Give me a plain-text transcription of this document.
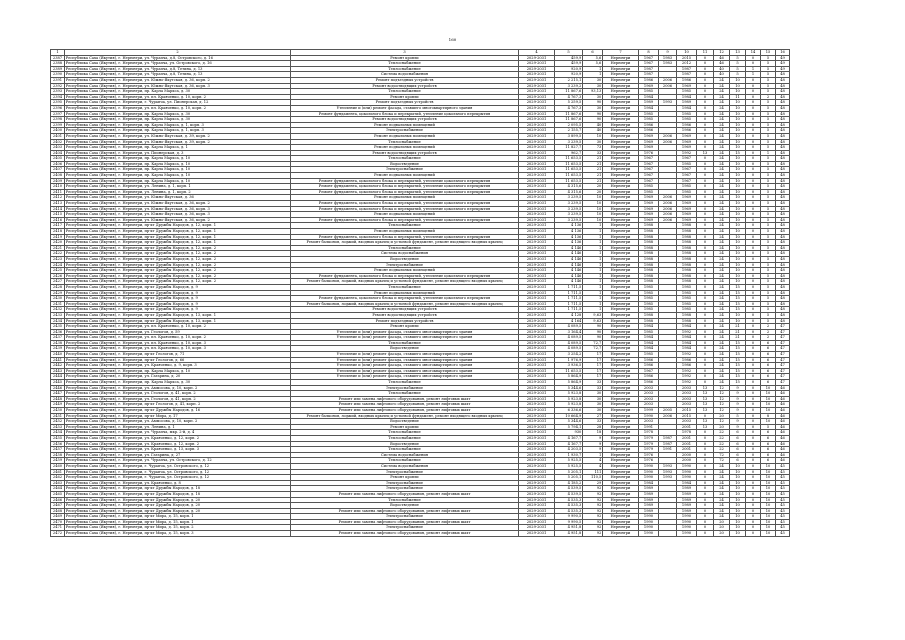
160
1	2	3	4	5	6	7	8	9	10	11	12	13	14	15	16
2387	Республика Саха (Якутия), г. Нерюнгри, ул. Чурапча, д.8, Островского, д. 16	Ремонт кровли	2029-2031	459,9	5,6	Нерюнгри	1967	1983	2015	0	46	5	0	5	49
2388	Республика Саха (Якутия), г. Нерюнгри, ул. Чурапча, ул. Островского, д. 16	Теплоснабжение	2029-2031	459,9	5,6	Нерюнгри	1967	1983	2012	0	46	5	0	5	49
2389	Республика Саха (Якутия), г. Нерюнгри, ул. Чурапча, д.8, Тетина, д. 13	Теплоснабжение	2029-2031	920,9	1	Нерюнгри	1987		1987	0	40	5	1	5	49
2390	Республика Саха (Якутия), г. Нерюнгри, ул. Чурапча, д.8, Тетина, д. 13	Система водоснабжения	2029-2031	920,9	1	Нерюнгри	1987		1987	0	40	5	1	5	48
2391	Республика Саха (Якутия), г. Нерюнгри, ул. Южно-Якутская, д. 36, корп. 2	Ремонт подъездных устройств	2029-2031	2 215,1	30	Нерюнгри	1986	2006	1986	0	24	10	0	5	48
2392	Республика Саха (Якутия), г. Нерюнгри, ул. Южно-Якутская, д. 36, корп. 3	Ремонт водоотводящих устройств	2029-2031	3 239,2	30	Нерюнгри	1969	2006	1969	0	24	10	0	5	48
2393	Республика Саха (Якутия), г. Нерюнгри, пр. Карла Маркса, д. 30	Теплоснабжение	2029-2031	11 867,6	93,13	Нерюнгри	1985		1985	0	24	10	0	5	48
2394	Республика Саха (Якутия), г. Нерюнгри, ул. пл. Кравченко, д. 10, корп. 2	Ремонт кровли	2029-2031	4 767,3	30	Нерюнгри	1984		1984	0	24	11	0	2	48
2395	Республика Саха (Якутия), г. Нерюнгри, г. Чурапча, ул. Пионерская, д. 12	Ремонт подъездных устройств	2029-2031	5 259,5	90	Нерюнгри	1989	1993	1989	0	24	10	0	5	48
2396	Республика Саха (Якутия), г. Нерюнгри, ул. пл. Кравченко, д. 10, корп. 2	Утепление и (или) ремонт фасада, ставшего многоквартирного здания	2029-2031	4 767,3	30	Нерюнгри	1984		1984	0	24	10	0	5	48
2397	Республика Саха (Якутия), г. Нерюнгри, пр. Карла Маркса, д. 30	Ремонт фундамента, цокольного блока и перекрытий, утепление цокольного перекрытия	2029-2031	11 867,6	90	Нерюнгри	1985		1985	0	24	10	0	5	48
2398	Республика Саха (Якутия), г. Нерюнгри, пр. Карла Маркса, д. 30	Ремонт водоотводящих устройств	2029-2031	11 867,6	90	Нерюнгри	1985		1985	0	24	10	0	5	48
2399	Республика Саха (Якутия), г. Нерюнгри, пр. Карла Маркса, д. 1, корп. 3	Ремонт подвальных помещений	2029-2031	2 095,5	40	Нерюнгри	1986		1986	0	24	10	0	5	48
2400	Республика Саха (Якутия), г. Нерюнгри, пр. Карла Маркса, д. 1, корп. 3	Электроснабжение	2029-2031	2 155,7	40	Нерюнгри	1986		1986	0	24	10	0	5	48
2401	Республика Саха (Якутия), г. Нерюнгри, ул. Южно-Якутская, д. 39, корп. 2	Ремонт подвальных помещений	2029-2031	3 899,5	10	Нерюнгри	1969	2006	1969	0	24	10	0	5	48
2402	Республика Саха (Якутия), г. Нерюнгри, ул. Южно-Якутская, д. 39, корп. 2	Теплоснабжение	2029-2031	3 239,5	30	Нерюнгри	1969	2006	1969	0	24	10	0	5	48
2403	Республика Саха (Якутия), г. Нерюнгри, пр. Карла Маркса, д. 1	Ремонт подвальных помещений	2029-2031	11 827,7	73	Нерюнгри	1969		1969	0	24	10	0	5	48
2404	Республика Саха (Якутия), г. Нерюнгри, ул. Пионерская, д. 3	Ремонт водоотводящих устройств	2029-2031	962,7	33	Нерюнгри	1976		1992	13	24	15	0	1	48
2405	Республика Саха (Якутия), г. Нерюнгри, пр. Карла Маркса, д. 10	Теплоснабжение	2029-2031	11 653,5	21	Нерюнгри	1967		1967	0	24	10	0	5	48
2406	Республика Саха (Якутия), г. Нерюнгри, пр. Карла Маркса, д. 10	Водоотведение	2029-2031	11 653,5	21	Нерюнгри	1967		1985	0	24	10	0	5	48
2407	Республика Саха (Якутия), г. Нерюнгри, пр. Карла Маркса, д. 10	Электроснабжение	2029-2031	11 653,5	21	Нерюнгри	1967		1967	0	24	10	0	5	48
2408	Республика Саха (Якутия), г. Нерюнгри, пр. Карла Маркса, д. 10	Ремонт подвальных помещений	2029-2031	11 653,5	21	Нерюнгри	1967		1967	0	24	10	0	5	48
2409	Республика Саха (Якутия), г. Нерюнгри, пр. Карла Маркса, д. 10	Ремонт фундамента, цокольного блока и перекрытий, утепление цокольного перекрытия	2029-2031	11 653,5	21	Нерюнгри	1967		1967	0	24	10	0	5	48
2410	Республика Саха (Якутия), г. Нерюнгри, ул. Ленина, д. 1, корп. 1	Ремонт фундамента, цокольного блока и перекрытий, утепление цокольного перекрытия	2029-2031	4 315,6	20	Нерюнгри	1985		1985	0	24	10	0	5	48
2411	Республика Саха (Якутия), г. Нерюнгри, ул. Ленина, д. 1, корп. 2	Ремонт фундамента, цокольного блока и перекрытий, утепление цокольного перекрытия	2029-2031	4 315,6	20	Нерюнгри	1985		1985	0	24	10	0	5	48
2412	Республика Саха (Якутия), г. Нерюнгри, ул. Южно-Якутская, д. 36	Ремонт подвальных помещений	2029-2031	3 239,5	10	Нерюнгри	1969	2006	1969	0	24	10	0	5	48
2413	Республика Саха (Якутия), г. Нерюнгри, ул. Южно-Якутская, д. 36, корп. 2	Ремонт фундамента, цокольного блока и перекрытий, утепление цокольного перекрытия	2029-2031	3 239,5	10	Нерюнгри	1969	2006	1969	0	24	10	0	5	48
2414	Республика Саха (Якутия), г. Нерюнгри, ул. Южно-Якутская, д. 36, корп. 3	Ремонт фундамента, цокольного блока и перекрытий, утепление цокольного перекрытия	2029-2031	3 239,5	10	Нерюнгри	1969	2006	1969	0	24	10	0	5	48
2415	Республика Саха (Якутия), г. Нерюнгри, ул. Южно-Якутская, д. 36, корп. 3	Ремонт подвальных помещений	2029-2031	3 239,5	10	Нерюнгри	1969	2006	1969	0	24	10	0	5	48
2416	Республика Саха (Якутия), г. Нерюнгри, ул. Южно-Якутская, д. 36, корп. 2	Ремонт фундамента, цокольного блока и перекрытий, утепление цокольного перекрытия	2029-2031	3 239,5	10	Нерюнгри	1969	2006	1969	0	24	10	0	5	48
2417	Республика Саха (Якутия), г. Нерюнгри, пр-кт Дружбы Народов, д. 12, корп. 1	Теплоснабжение	2029-2031	4 136	1	Нерюнгри	1988		1988	0	24	10	0	5	48
2418	Республика Саха (Якутия), г. Нерюнгри, пр-кт Дружбы Народов, д. 12, корп. 1	Ремонт подвальных помещений	2029-2031	4 136	1	Нерюнгри	1988		1988	0	24	10	0	5	48
2419	Республика Саха (Якутия), г. Нерюнгри, пр-кт Дружбы Народов, д. 12, корп. 1	Ремонт фундамента, цокольного блока и перекрытий, утепление цокольного перекрытия	2029-2031	4 136	1	Нерюнгри	1988		1988	0	24	10	0	5	48
2420	Республика Саха (Якутия), г. Нерюнгри, пр-кт Дружбы Народов, д. 12, корп. 1	Ремонт балконов, лоджий, входных крылец и устьевой фундамент, ремонт входящего входных крылец	2029-2031	4 136	1	Нерюнгри	1988		1988	0	24	10	0	5	48
2421	Республика Саха (Якутия), г. Нерюнгри, пр-кт Дружбы Народов, д. 12, корп. 2	Теплоснабжение	2029-2031	4 146	1	Нерюнгри	1988		1988	0	24	10	0	5	48
2422	Республика Саха (Якутия), г. Нерюнгри, пр-кт Дружбы Народов, д. 12, корп. 2	Система водоснабжения	2029-2031	4 146	1	Нерюнгри	1988		1988	0	24	10	0	5	48
2423	Республика Саха (Якутия), г. Нерюнгри, пр-кт Дружбы Народов, д. 12, корп. 2	Водоотведение	2029-2031	4 146	1	Нерюнгри	1988		1988	0	24	10	0	5	48
2424	Республика Саха (Якутия), г. Нерюнгри, пр-кт Дружбы Народов, д. 12, корп. 2	Электроснабжение	2029-2031	4 146	1	Нерюнгри	1988		1988	0	24	10	0	5	48
2425	Республика Саха (Якутия), г. Нерюнгри, пр-кт Дружбы Народов, д. 12, корп. 2	Ремонт подвальных помещений	2029-2031	4 146	1	Нерюнгри	1988		1988	0	24	10	0	5	48
2426	Республика Саха (Якутия), г. Нерюнгри, пр-кт Дружбы Народов, д. 12, корп. 2	Ремонт фундамента, цокольного блока и перекрытий, утепление цокольного перекрытия	2029-2031	4 146	1	Нерюнгри	1988		1988	0	24	10	0	5	48
2427	Республика Саха (Якутия), г. Нерюнгри, пр-кт Дружбы Народов, д. 12, корп. 2	Ремонт балконов, лоджий, входных крылец и устьевой фундамент, ремонт входящего входных крылец	2029-2031	4 146	1	Нерюнгри	1988		1988	0	24	10	0	5	48
2428	Республика Саха (Якутия), г. Нерюнгри, пр-кт Дружбы Народов, д. 9	Теплоснабжение	2029-2031	1 711,5	1	Нерюнгри	1985		1985	0	24	15	0	5	48
2429	Республика Саха (Якутия), г. Нерюнгри, пр-кт Дружбы Народов, д. 9	Ремонт подвальных помещений	2029-2031	1 711,5	1	Нерюнгри	1985		1985	0	24	15	0	5	48
2430	Республика Саха (Якутия), г. Нерюнгри, пр-кт Дружбы Народов, д. 9	Ремонт фундамента, цокольного блока и перекрытий, утепление цокольного перекрытия	2029-2031	1 711,5	1	Нерюнгри	1985		1985	0	24	15	0	5	48
2431	Республика Саха (Якутия), г. Нерюнгри, пр-кт Дружбы Народов, д. 9	Ремонт балконов, лоджий, входных крылец и устьевой фундамент, ремонт входящего входных крылец	2029-2031	1 711,5	1	Нерюнгри	1985		1985	0	24	15	0	5	48
2432	Республика Саха (Якутия), г. Нерюнгри, пр-кт Дружбы Народов, д. 9	Ремонт водоотводящих устройств	2029-2031	1 711,5	1	Нерюнгри	1985		1985	0	24	15	0	5	48
2433	Республика Саха (Якутия), г. Нерюнгри, пр-кт Дружбы Народов, д. 13, корп. 1	Ремонт водоотводящих устройств	2029-2031	4 128	9,63	Нерюнгри	1988		1988	0	24	10	0	5	48
2434	Республика Саха (Якутия), г. Нерюнгри, пр-кт Дружбы Народов, д. 13, корп. 1	Ремонт подъездных устройств	2029-2031	4 164	9,63	Нерюнгри	1988		1988	0	24	10	0	5	48
2435	Республика Саха (Якутия), г. Нерюнгри, ул. пл. Кравченко, д. 10, корп. 2	Ремонт кровли	2029-2031	4 089,5	90	Нерюнгри	1984		1984	0	24	21	0	2	47
2436	Республика Саха (Якутия), г. Нерюнгри, ул. Геологов, д. 59	Утепление и (или) ремонт фасада, ставшего многоквартирного здания	2029-2031	3 164,4	90	Нерюнгри	1985		1992	0	24	21	0	2	47
2437	Республика Саха (Якутия), г. Нерюнгри, ул. пл. Кравченко, д. 10, корп. 2	Утепление и (или) ремонт фасада, ставшего многоквартирного здания	2029-2031	4 089,5	90	Нерюнгри	1984		1984	0	24	21	0	2	47
2438	Республика Саха (Якутия), г. Нерюнгри, ул. пл. Кравченко, д. 10, корп. 3	Теплоснабжение	2029-2031	4 089,5	72,7	Нерюнгри	1984		1984	0	24	15	0	6	47
2439	Республика Саха (Якутия), г. Нерюнгри, ул. пл. Кравченко, д. 10, корп. 3	Водоотведение	2029-2031	4 089,5	72,7	Нерюнгри	1984		1984	0	24	15	0	6	47
2440	Республика Саха (Якутия), г. Нерюнгри, пр-кт Геологов, д. 71	Утепление и (или) ремонт фасада, ставшего многоквартирного здания	2029-2031	3 254,2	17	Нерюнгри	1985		1992	0	24	15	0	6	47
2441	Республика Саха (Якутия), г. Нерюнгри, пр-кт Геологов, д. 66	Утепление и (или) ремонт фасада, ставшего многоквартирного здания	2029-2031	1 976,9	17	Нерюнгри	1986		1986	0	24	15	0	6	47
2442	Республика Саха (Якутия), г. Нерюнгри, ул. Кравченко, д. 9, корп. 3	Утепление и (или) ремонт фасада, ставшего многоквартирного здания	2029-2031	3 936,5	17	Нерюнгри	1986		1986	0	24	15	0	6	47
2443	Республика Саха (Якутия), г. Нерюнгри, пр. Карла Маркса, д. 10	Утепление и (или) ремонт фасада, ставшего многоквартирного здания	2029-2031	11 653,5	17	Нерюнгри	1967		1992	0	24	15	0	6	47
2444	Республика Саха (Якутия), г. Нерюнгри, ул. Гагарина, д. 20	Утепление и (или) ремонт фасада, ставшего многоквартирного здания	2029-2031	5 864,9	17	Нерюнгри	1986		1992	0	24	15	0	6	47
2445	Республика Саха (Якутия), г. Нерюнгри, пр. Карла Маркса, д. 30	Теплоснабжение	2029-2031	5 864,9	33	Нерюнгри	1986		1992	0	24	15	0	6	47
2446	Республика Саха (Якутия), г. Нерюнгри, ул. Аммосова, д. 10, корп. 2	Электроснабжение	2029-2031	5 344,6	33	Нерюнгри	2003		2003	13	12	9	0	10	46
2447	Республика Саха (Якутия), г. Нерюнгри, ул. Геологов, д. 41, корп. 2	Теплоснабжение	2029-2031	5 923,8	30	Нерюнгри	2003		2003	13	12	9	0	10	46
2448	Республика Саха (Якутия), г. Нерюнгри, ул. Геологов, д. 41, корп. 2	Ремонт или замена лифтового оборудования, ремонт лифтовых шахт	2029-2031	5 923,8	30	Нерюнгри	2003		2003	13	12	9	0	10	46
2449	Республика Саха (Якутия), г. Нерюнгри, пр-кт Геологов, д. 41, корп. 2	Ремонт или замена лифтового оборудования, ремонт лифтовых шахт	2029-2031	5 923,8	30	Нерюнгри	2003		2003	13	12	9	0	10	46
2450	Республика Саха (Якутия), г. Нерюнгри, пр-кт Дружбы Народов, д. 16	Ремонт или замена лифтового оборудования, ремонт лифтовых шахт	2029-2031	6 336,6	30	Нерюнгри	1999	2005	2015	13	12	9	0	10	46
2451	Республика Саха (Якутия), г. Нерюнгри, пр-кт Мира, д. 17	Ремонт балконов, лоджий, входных крылец и устьевой фундамент, ремонт входящего входных крылец	2029-2031	10 664,9	27	Нерюнгри	1990	2006	2015	0	20	5	0	8	46
2452	Республика Саха (Якутия), г. Нерюнгри, ул. Аммосова, д. 10, корп. 2	Водоотведение	2029-2031	5 344,6	33	Нерюнгри	2003		2003	13	12	9	0	10	46
2453	Республика Саха (Якутия), г. Нерюнгри, ул. Ленина, д. 1	Ремонт кровли	2029-2031	5 794,1	28	Нерюнгри	1991		2001	13	20	9	0	5	46
2454	Республика Саха (Якутия), г. Нерюнгри, ул. Чурапча, мкр. 2-й, д. 4	Теплоснабжение	2029-2031	930	18	Нерюнгри	1978		1978	0	22	6	0	6	46
2455	Республика Саха (Якутия), г. Нерюнгри, ул. Кравченко, д. 12, корп. 2	Теплоснабжение	2029-2031	4 167,7	9	Нерюнгри	1979	1987	2001	0	22	6	0	6	46
2456	Республика Саха (Якутия), г. Нерюнгри, ул. Кравченко, д. 12, корп. 2	Водоотведение	2029-2031	4 167,7	9	Нерюнгри	1979	1987	2001	0	22	6	0	6	46
2457	Республика Саха (Якутия), г. Нерюнгри, ул. Кравченко, д. 13, корп. 3	Теплоснабжение	2029-2031	4 203,5	9	Нерюнгри	1979	1991	2001	0	22	6	0	6	46
2458	Республика Саха (Якутия), г. Нерюнгри, ул. Гагарина, д. 27	Система водоснабжения	2029-2031	1 930,7	1	Нерюнгри	1976		2000	0	72	6	0	6	46
2459	Республика Саха (Якутия), г. Нерюнгри, ул. Чурапча, ул. Островского, д. 12	Теплоснабжение	2029-2031	5 925,5	4	Нерюнгри	1976		2000	0	72	6	0	6	46
2460	Республика Саха (Якутия), г. Нерюнгри, г. Чурапча, ул. Островского, д. 12	Система водоснабжения	2029-2031	5 925,5	4	Нерюнгри	1990	1993	1990	0	24	10	0	10	45
2461	Республика Саха (Якутия), г. Нерюнгри, г. Чурапча, ул. Островского, д. 12	Электроснабжение	2029-2031	5 205,1	111	Нерюнгри	1990	1993	1990	0	24	10	0	10	45
2462	Республика Саха (Якутия), г. Нерюнгри, г. Чурапча, ул. Островского, д. 12	Ремонт кровли	2029-2031	5 205,1	110,5	Нерюнгри	1990	1993	1990	0	24	10	0	10	45
2463	Республика Саха (Якутия), г. Нерюнгри, ул. Кравченко, д. 8	Электроснабжение	2029-2031	4 185,2	29	Нерюнгри	1984		1984	0	24	10	0	10	45
2464	Республика Саха (Якутия), г. Нерюнгри, пр-кт Дружбы Народов, д. 18	Электроснабжение	2029-2031	4 539,5	92	Нерюнгри	1989		1989	0	24	10	0	10	45
2465	Республика Саха (Якутия), г. Нерюнгри, пр-кт Дружбы Народов, д. 18	Ремонт или замена лифтового оборудования, ремонт лифтовых шахт	2029-2031	4 539,5	92	Нерюнгри	1989		1989	0	24	10	0	10	45
2466	Республика Саха (Якутия), г. Нерюнгри, пр-кт Дружбы Народов, д. 20	Теплоснабжение	2029-2031	4 535,3	92	Нерюнгри	1989		1989	0	24	10	0	10	45
2467	Республика Саха (Якутия), г. Нерюнгри, пр-кт Дружбы Народов, д. 20	Водоотведение	2029-2031	4 535,3	92	Нерюнгри	1989		1989	0	24	10	0	10	45
2468	Республика Саха (Якутия), г. Нерюнгри, пр-кт Дружбы Народов, д. 20	Ремонт или замена лифтового оборудования, ремонт лифтовых шахт	2029-2031	4 535,3	92	Нерюнгри	1989		1989	0	24	10	0	10	45
2469	Республика Саха (Якутия), г. Нерюнгри, пр-кт Мира, д. 15, корп. 1	Электроснабжение	2029-2031	9 990,5	92	Нерюнгри	1990		1990	0	24	10	0	10	45
2470	Республика Саха (Якутия), г. Нерюнгри, пр-кт Мира, д. 15, корп. 1	Ремонт или замена лифтового оборудования, ремонт лифтовых шахт	2029-2031	9 990,5	92	Нерюнгри	1990		1990	0	20	10	0	10	45
2471	Республика Саха (Якутия), г. Нерюнгри, пр-кт Мира, д. 15, корп. 2	Электроснабжение	2029-2031	4 951,8	92	Нерюнгри	1990		1990	0	20	10	0	10	45
2472	Республика Саха (Якутия), г. Нерюнгри, пр-кт Мира, д. 15, корп. 3	Ремонт или замена лифтового оборудования, ремонт лифтовых шахт	2029-2031	4 951,8	92	Нерюнгри	1990		1990	0	20	10	0	10	45
